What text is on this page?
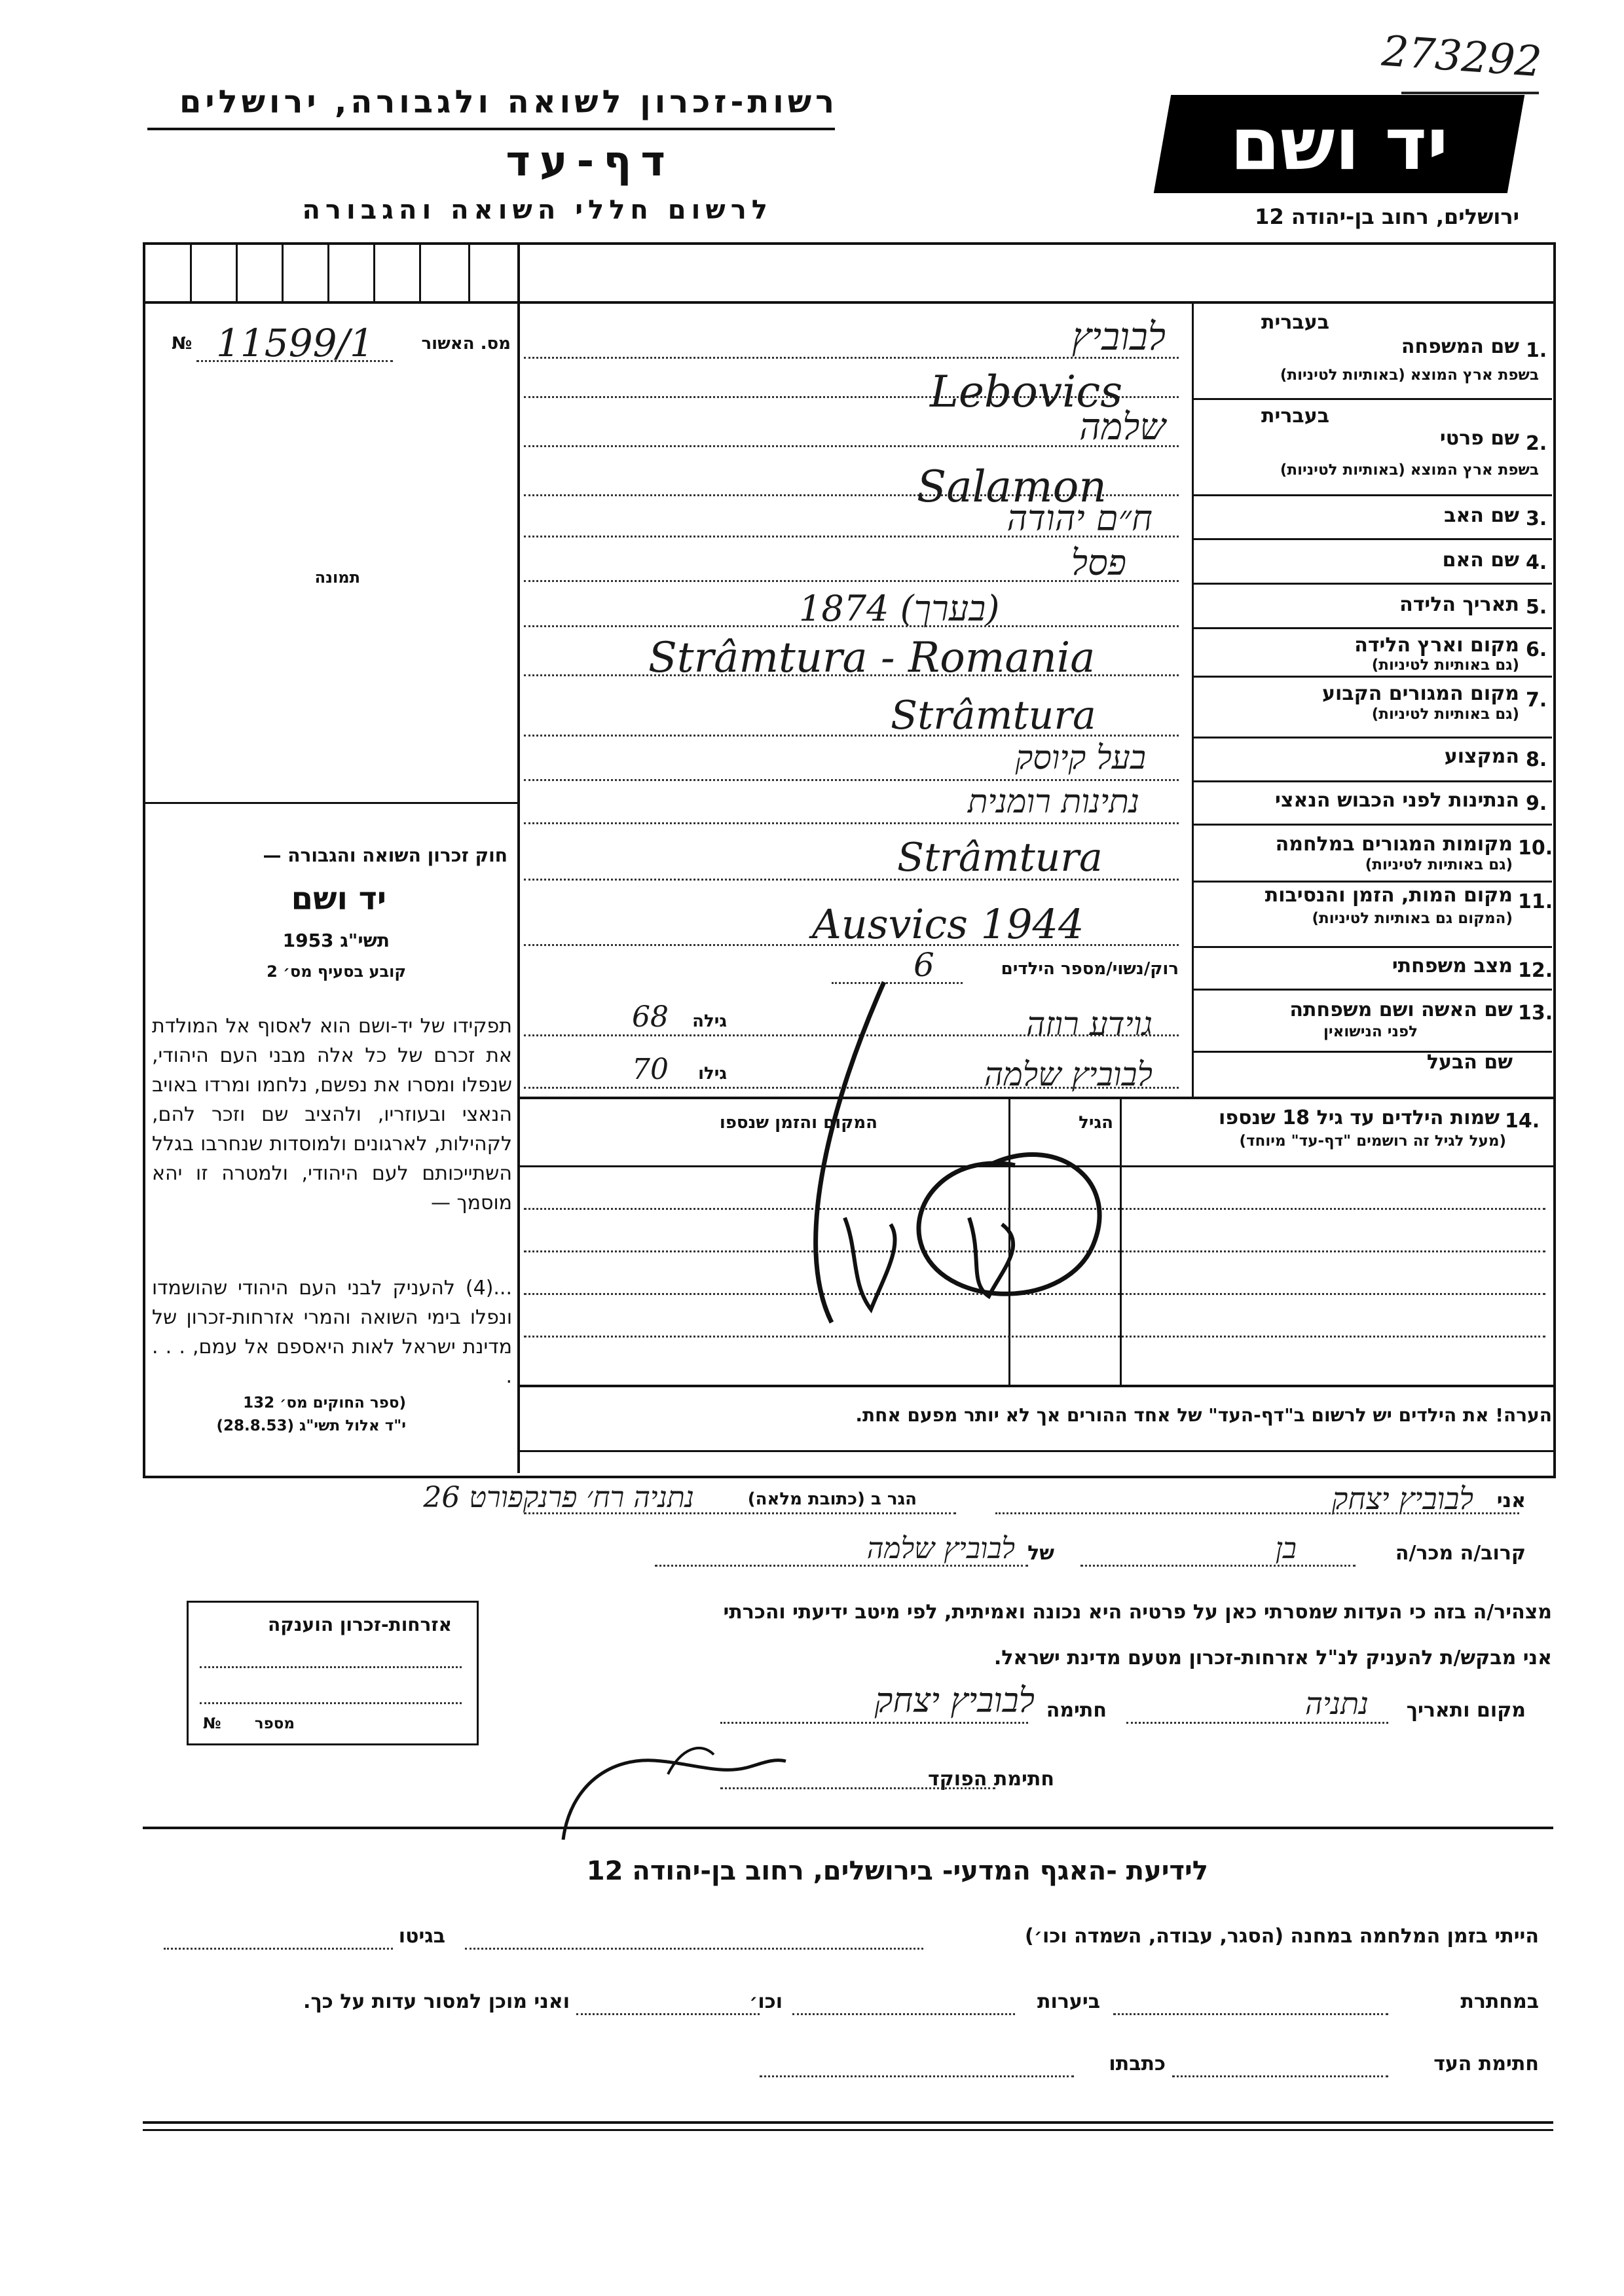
273292
רשות-זכרון לשואה ולגבורה, ירושלים
דף-עד
לרשום חללי השואה והגבורה
יד ושם
ירושלים, רחוב בן-יהודה 12
מס. האשור
11599/1
№
תמונה
חוק זכרון השואה והגבורה —
יד ושם
תשי"ג 1953
קובע בסעיף מס׳ 2
תפקידו של יד-ושם הוא לאסוף אל המולדת את זכרם של כל אלה מבני העם היהודי, שנפלו ומסרו את נפשם, נלחמו ומרדו באויב הנאצי ובעוזריו, ולהציב שם וזכר להם, לקהילות, לארגונים ולמוסדות שנחרבו בגלל השתייכותם לעם היהודי, ולמטרה זו יהא מוסמך —
...(4) להעניק לבני העם היהודי שהושמדו ונפלו בימי השואה והמרי אזרחות-זכרון של מדינת ישראל לאות היאספם אל עמם, . . . .
(ספר החוקים מס׳ 132
י"ד אלול תשי"ג (28.8.53)
1.
שם המשפחה
בעברית
בשפת ארץ המוצא (באותיות לטיניות)
לבוביץ
Lebovics
2.
שם פרטי
בעברית
בשפת ארץ המוצא (באותיות לטיניות)
שלמה
Salamon
3.
שם האב
ח״ם יהודה
4.
שם האם
פסל
5.
תאריך הלידה
1874 (בערך)
6.
מקום וארץ הלידה
(גם באותיות לטיניות)
Strâmtura - Romania
7.
מקום המגורים הקבוע
(גם באותיות לטיניות)
Strâmtura
8.
המקצוע
בעל קיוסק
9.
הנתינות לפני הכבוש הנאצי
נתינות רומנית
10.
מקומות המגורים במלחמה
(גם באותיות לטיניות)
Strâmtura
11.
מקום המות, הזמן והנסיבות
(המקום גם באותיות לטיניות)
Ausvics 1944
12.
מצב משפחתי
רוק/נשוי/מספר הילדים
6
13.
שם האשה ושם משפחתה
לפני הנישואין
גוידע רוזה
גילה
68
שם הבעל
לבוביץ שלמה
גילו
70
14.
שמות הילדים עד גיל 18 שנספו
(מעל לגיל זה רושמים "דף-עד" מיוחד)
הגיל
המקום והזמן שנספו
הערה! את הילדים יש לרשום ב"דף-העד" של אחד ההורים אך לא יותר מפעם אחת.
אני
לבוביץ יצחק
הגר ב (כתובת מלאה)
נתניה רח׳ פרנקפורט 26
קרוב/ה מכר/ה
בן
של
לבוביץ שלמה
מצהיר/ה בזה כי העדות שמסרתי כאן על פרטיה היא נכונה ואמיתית, לפי מיטב ידיעתי והכרתי
אני מבקש/ת להעניק לנ"ל אזרחות-זכרון מטעם מדינת ישראל.
מקום ותאריך
נתניה
חתימה
לבוביץ יצחק
חתימת הפוקד
אזרחות-זכרון הוענקה
מספר
№
לידיעת -האגף המדעי- בירושלים, רחוב בן-יהודה 12
הייתי בזמן המלחמה במחנה (הסגר, עבודה, השמדה וכו׳)
בגיטו
במחתרת
ביערות
וכו׳
ואני מוכן למסור עדות על כך.
חתימת העד
כתבתו
